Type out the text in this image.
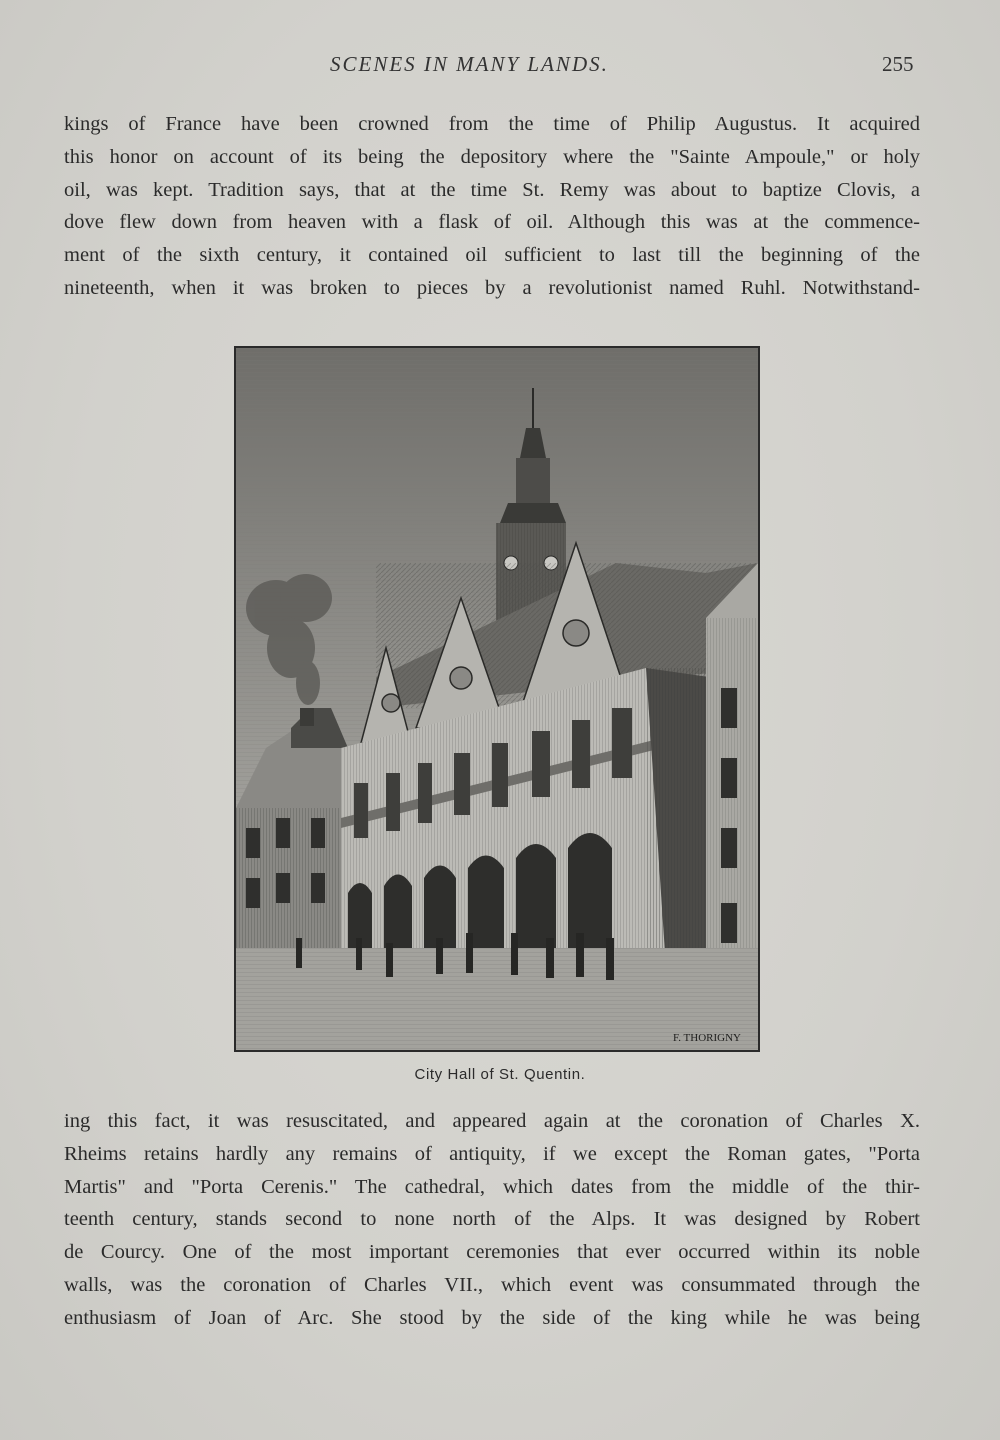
SCENES IN MANY LANDS.	255
kings of France have been crowned from the time of Philip Augustus. It acquired
this honor on account of its being the depository where the "Sainte Ampoule," or holy
oil, was kept. Tradition says, that at the time St. Remy was about to baptize Clovis, a
dove flew down from heaven with a flask of oil. Although this was at the commence-
ment of the sixth century, it contained oil sufficient to last till the beginning of the
nineteenth, when it was broken to pieces by a revolutionist named Ruhl. Notwithstand-
F. THORIGNY
City Hall of St. Quentin.
ing this fact, it was resuscitated, and appeared again at the coronation of Charles X.
Rheims retains hardly any remains of antiquity, if we except the Roman gates, "Porta
Martis" and "Porta Cerenis." The cathedral, which dates from the middle of the thir-
teenth century, stands second to none north of the Alps. It was designed by Robert
de Courcy. One of the most important ceremonies that ever occurred within its noble
walls, was the coronation of Charles VII., which event was consummated through the
enthusiasm of Joan of Arc. She stood by the side of the king while he was being
